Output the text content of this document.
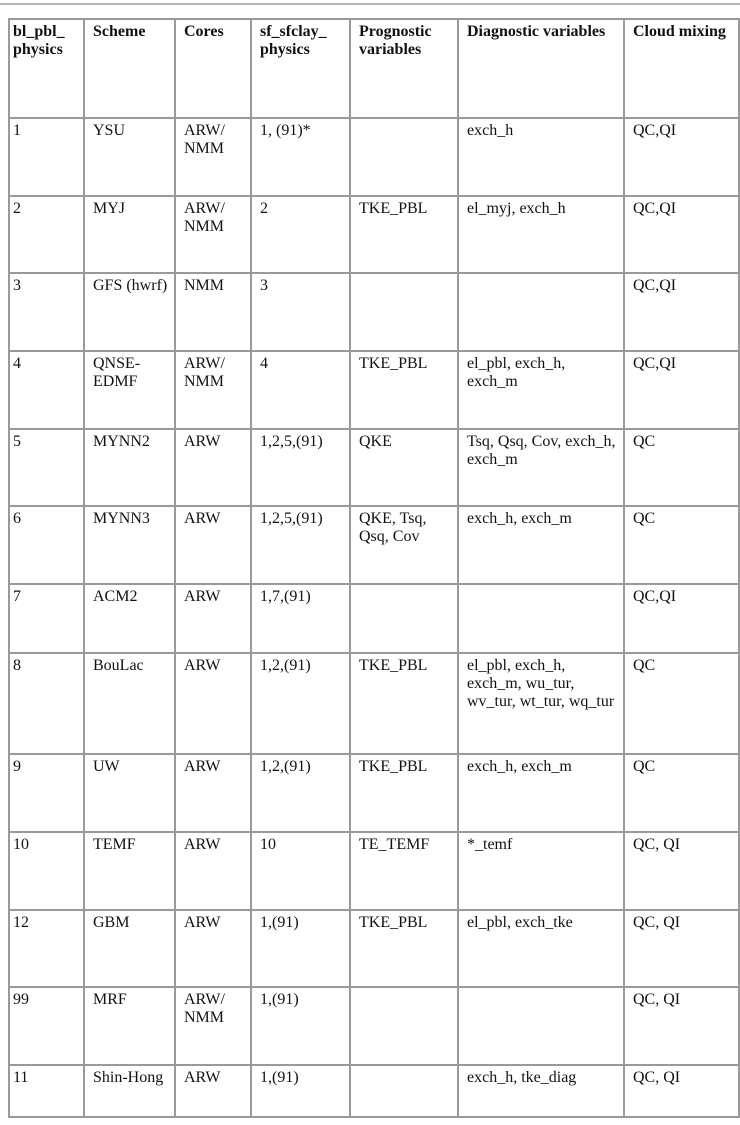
bl_pbl_ physics	Scheme	Cores	sf_sfclay_ physics	Prognostic variables	Diagnostic variables	Cloud mixing
1	YSU	ARW/ NMM	1, (91)*		exch_h	QC,QI
2	MYJ	ARW/ NMM	2	TKE_PBL	el_myj, exch_h	QC,QI
3	GFS (hwrf)	NMM	3			QC,QI
4	QNSE-EDMF	ARW/ NMM	4	TKE_PBL	el_pbl, exch_h, exch_m	QC,QI
5	MYNN2	ARW	1,2,5,(91)	QKE	Tsq, Qsq, Cov, exch_h, exch_m	QC
6	MYNN3	ARW	1,2,5,(91)	QKE, Tsq, Qsq, Cov	exch_h, exch_m	QC
7	ACM2	ARW	1,7,(91)			QC,QI
8	BouLac	ARW	1,2,(91)	TKE_PBL	el_pbl, exch_h, exch_m, wu_tur, wv_tur, wt_tur, wq_tur	QC
9	UW	ARW	1,2,(91)	TKE_PBL	exch_h, exch_m	QC
10	TEMF	ARW	10	TE_TEMF	*_temf	QC, QI
12	GBM	ARW	1,(91)	TKE_PBL	el_pbl, exch_tke	QC, QI
99	MRF	ARW/ NMM	1,(91)			QC, QI
11	Shin-Hong	ARW	1,(91)		exch_h, tke_diag	QC, QI
